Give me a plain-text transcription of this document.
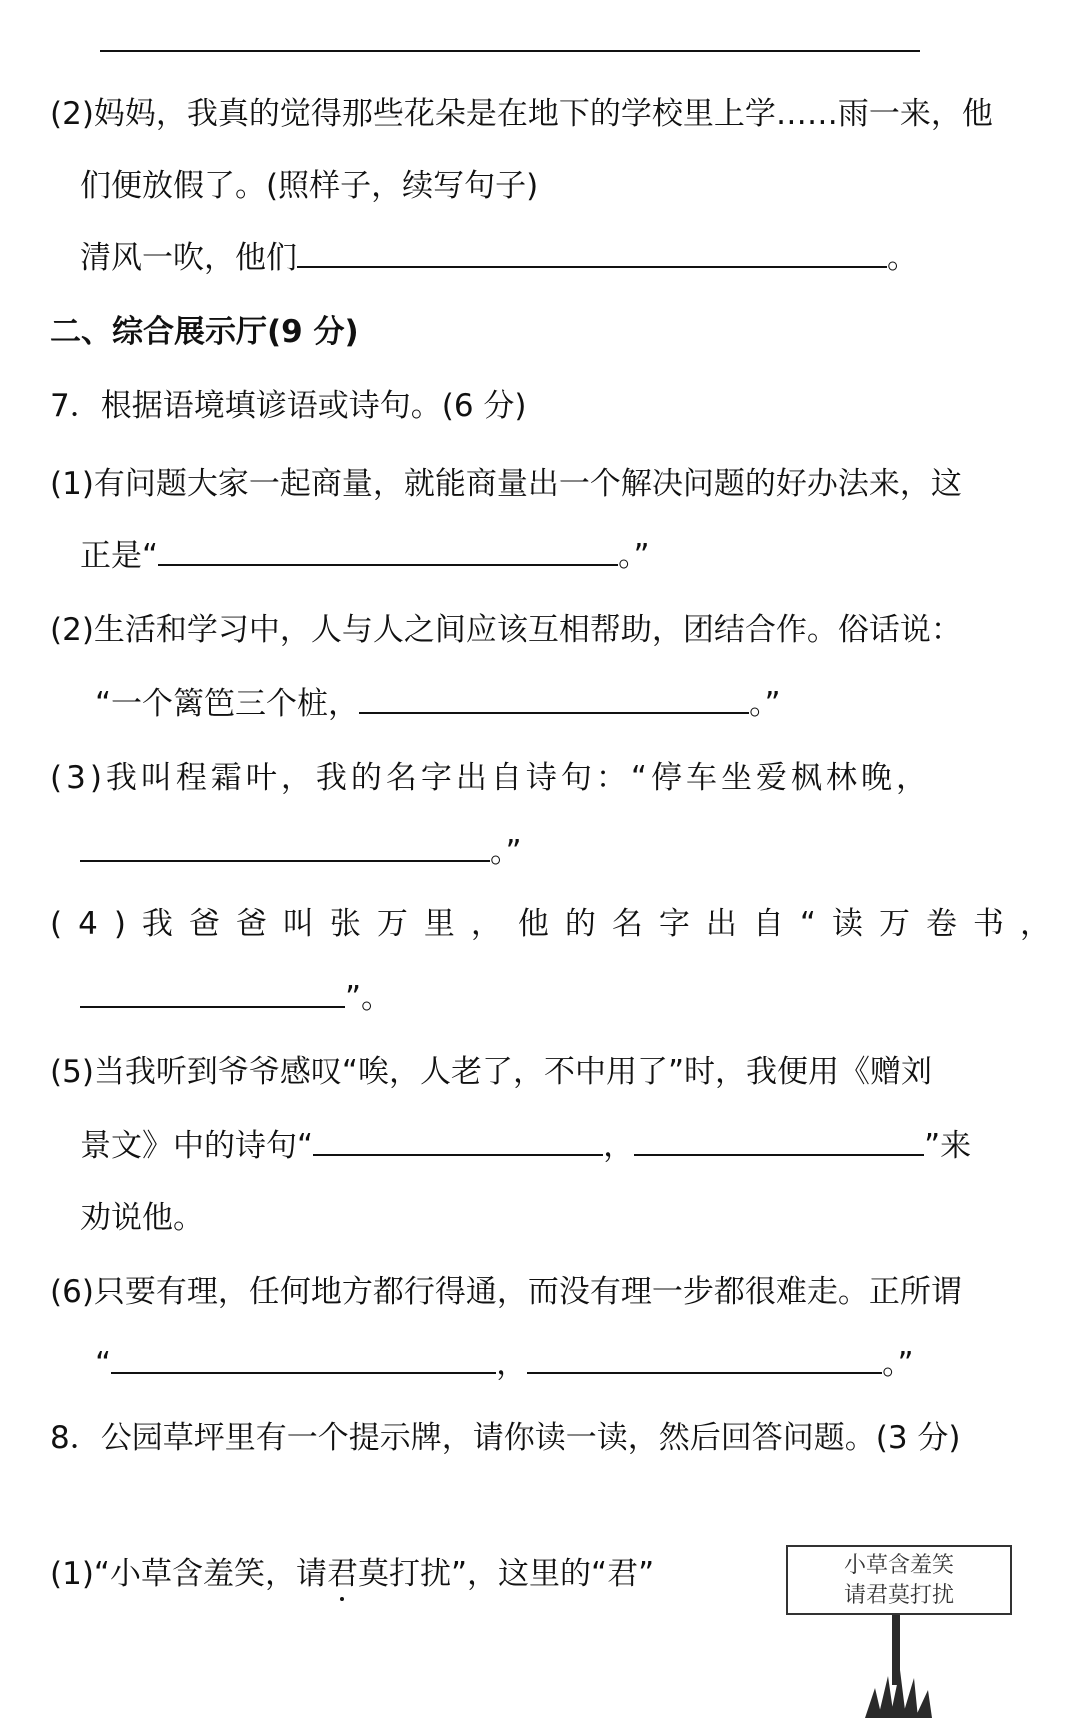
(2)妈妈，我真的觉得那些花朵是在地下的学校里上学……雨一来，他
们便放假了。(照样子，续写句子)
清风一吹，他们	。
二、综合展示厅(9 分)
7．根据语境填谚语或诗句。(6 分)
(1)有问题大家一起商量，就能商量出一个解决问题的好办法来，这
正是“	。”
(2)生活和学习中，人与人之间应该互相帮助，团结合作。俗话说：
“一个篱笆三个桩，	。”
(3)我叫程霜叶，我的名字出自诗句：“停车坐爱枫林晚，
。”
(4)我爸爸叫张万里，他的名字出自“读万卷书，
”。
(5)当我听到爷爷感叹“唉，人老了，不中用了”时，我便用《赠刘
景文》中的诗句“	，	”来
劝说他。
(6)只要有理，任何地方都行得通，而没有理一步都很难走。正所谓
“	，	。”
8．公园草坪里有一个提示牌，请你读一读，然后回答问题。(3 分)
(1)“小草含羞笑，请君莫打扰”，这里的“君”	小草含羞笑
请君莫打扰
